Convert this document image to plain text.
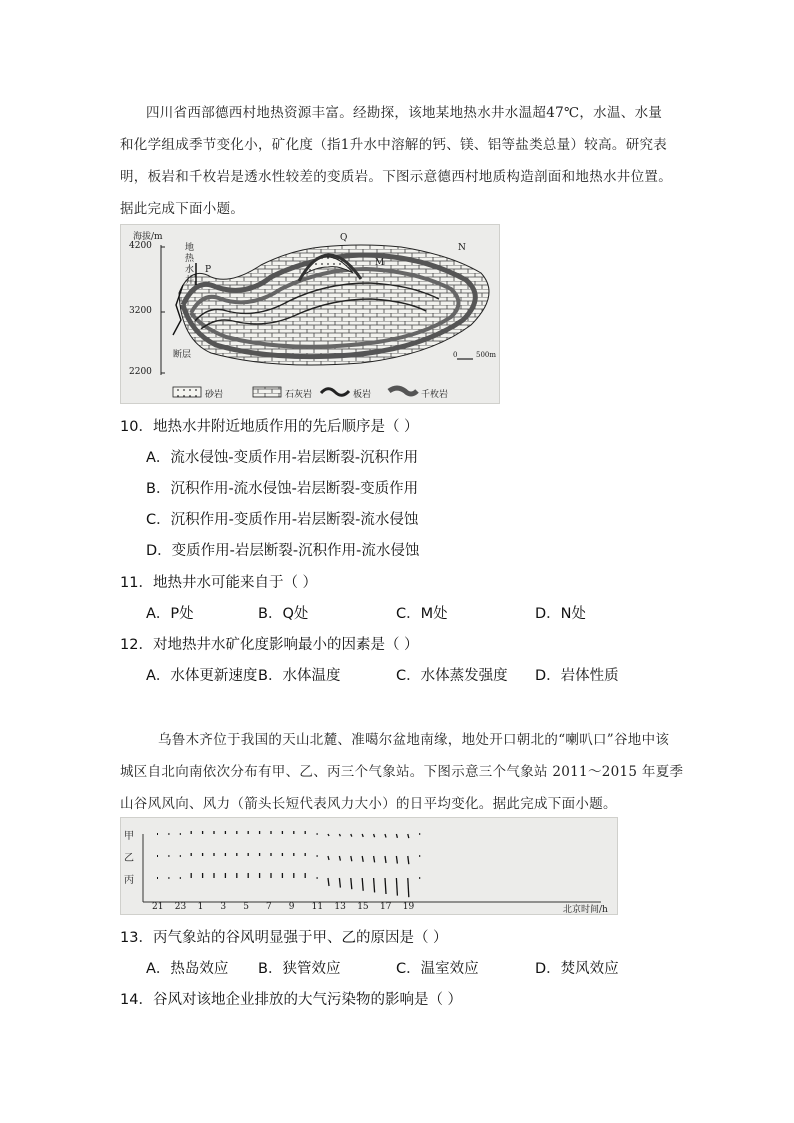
四川省西部德西村地热资源丰富。经勘探，该地某地热水井水温超47℃，水温、水量
和化学组成季节变化小，矿化度（指1升水中溶解的钙、镁、铝等盐类总量）较高。研究表
明，板岩和千枚岩是透水性较差的变质岩。下图示意德西村地质构造剖面和地热水井位置。
据此完成下面小题。
海拔/m
4200
3200
2200
地热水井
断层
P
Q
M
N
0	500m
砂岩	石灰岩	板岩	千枚岩
10．地热水井附近地质作用的先后顺序是（ ）
A．流水侵蚀-变质作用-岩层断裂-沉积作用
B．沉积作用-流水侵蚀-岩层断裂-变质作用
C．沉积作用-变质作用-岩层断裂-流水侵蚀
D．变质作用-岩层断裂-沉积作用-流水侵蚀
11．地热井水可能来自于（ ）
A．P处	B．Q处	C．M处	D．N处
12．对地热井水矿化度影响最小的因素是（ ）
A．水体更新速度 B．水体温度	C．水体蒸发强度 D．岩体性质
乌鲁木齐位于我国的天山北麓、准噶尔盆地南缘，地处开口朝北的“喇叭口”谷地中该
城区自北向南依次分布有甲、乙、丙三个气象站。下图示意三个气象站 2011～2015 年夏季
山谷风风向、风力（箭头长短代表风力大小）的日平均变化。据此完成下面小题。
甲
乙
丙
21 23 1 3 5 7 9 11 13 15 17 19	北京时间/h
13．丙气象站的谷风明显强于甲、乙的原因是（ ）
A．热岛效应 B．狭管效应	C．温室效应	D．焚风效应
14．谷风对该地企业排放的大气污染物的影响是（ ）
